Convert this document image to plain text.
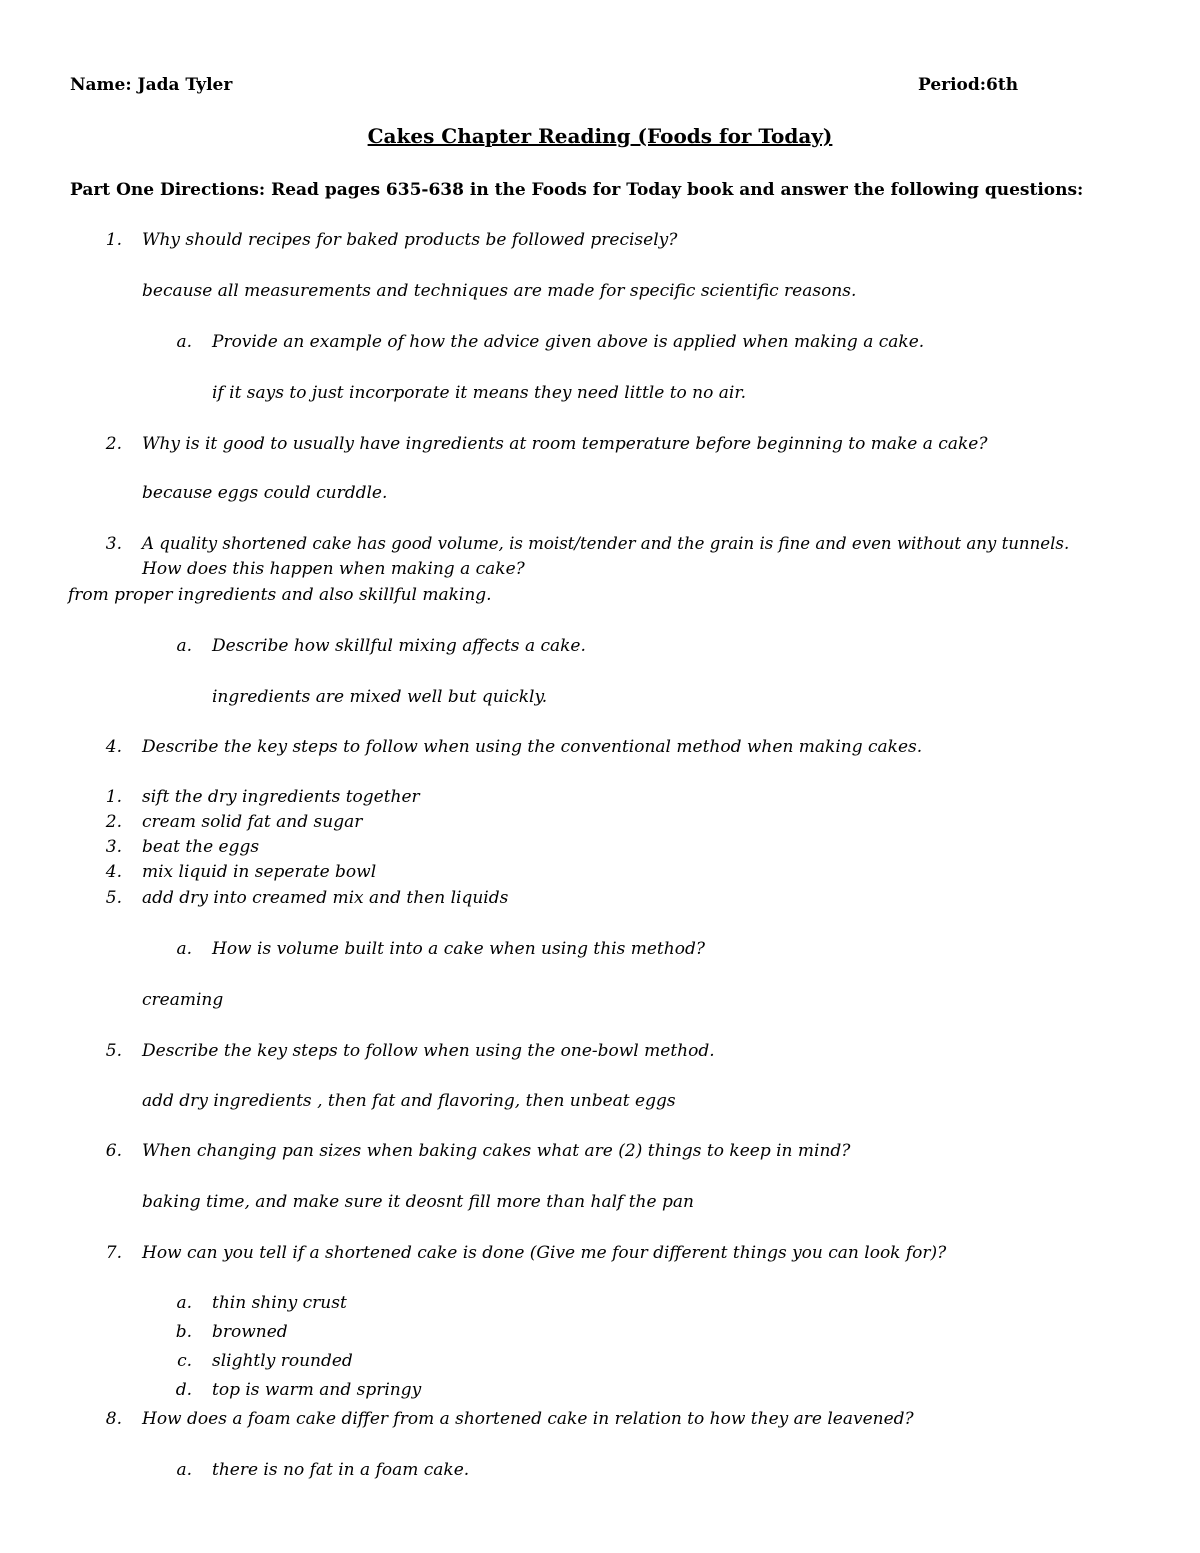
Name: Jada Tyler	Period:6th
Cakes Chapter Reading (Foods for Today)
Part One Directions: Read pages 635-638 in the Foods for Today book and answer the following questions:
1. Why should recipes for baked products be followed precisely?
because all measurements and techniques are made for specific scientific reasons.
a. Provide an example of how the advice given above is applied when making a cake.
if it says to just incorporate it means they need little to no air.
2. Why is it good to usually have ingredients at room temperature before beginning to make a cake?
because eggs could curddle.
3. A quality shortened cake has good volume, is moist/tender and the grain is fine and even without any tunnels.
How does this happen when making a cake?
from proper ingredients and also skillful making.
a. Describe how skillful mixing affects a cake.
ingredients are mixed well but quickly.
4. Describe the key steps to follow when using the conventional method when making cakes.
1. sift the dry ingredients together
2. cream solid fat and sugar
3. beat the eggs
4. mix liquid in seperate bowl
5. add dry into creamed mix and then liquids
a. How is volume built into a cake when using this method?
creaming
5. Describe the key steps to follow when using the one-bowl method.
add dry ingredients , then fat and flavoring, then unbeat eggs
6. When changing pan sizes when baking cakes what are (2) things to keep in mind?
baking time, and make sure it deosnt fill more than half the pan
7. How can you tell if a shortened cake is done (Give me four different things you can look for)?
a. thin shiny crust
b. browned
c. slightly rounded
d. top is warm and springy
8. How does a foam cake differ from a shortened cake in relation to how they are leavened?
a. there is no fat in a foam cake.
